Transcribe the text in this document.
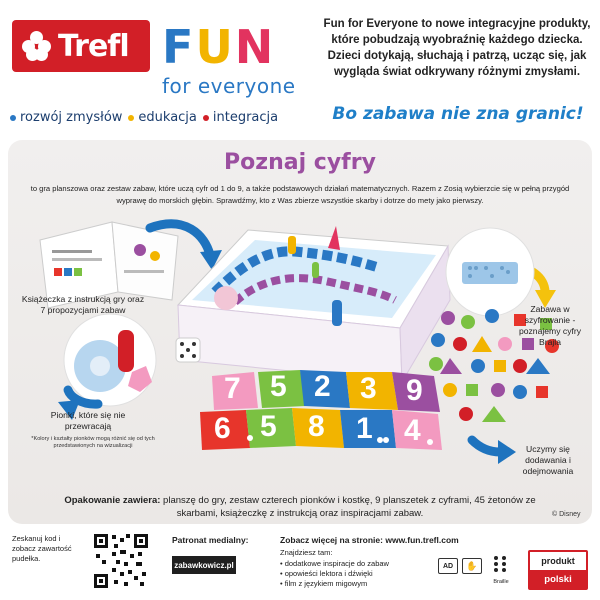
Trefl F U N
for everyone
Fun for Everyone to nowe integracyjne produkty, które pobudzają wyobraźnię każdego dziecka. Dzieci dotykają, słuchają i patrzą, ucząc się, jak wygląda świat odkrywany różnymi zmysłami.
Bo zabawa nie zna granic!
rozwój zmysłów	edukacja	integracja
Poznaj cyfry
to gra planszowa oraz zestaw zabaw, które uczą cyfr od 1 do 9, a także podstawowych działań matematycznych. Razem z Zosią wybierzcie się w pełną przygód wyprawę do morskich głębin. Sprawdźmy, kto z Was zbierze wszystkie skarby i dotrze do mety jako pierwszy.
7 5 2 3 9
6 5 8 1 4
Książeczka z instrukcją gry oraz 7 propozycjami zabaw	Zabawa w szyfrowanie - poznajemy cyfry Brajla
Pionki, które się nie przewracają
*Kolory i kształty pionków mogą różnić się od tych przedstawionych na wizualizacji	Uczymy się dodawania i odejmowania
Opakowanie zawiera: planszę do gry, zestaw czterech pionków i kostkę, 9 planszetek z cyframi, 45 żetonów ze skarbami, książeczkę z instrukcją oraz inspiracjami zabaw.	© Disney
Zeskanuj kod i zobacz zawartość pudełka.
Patronat medialny:
zabawkowicz.pl
Zobacz więcej na stronie: www.fun.trefl.com
Znajdziesz tam:
• dodatkowe inspiracje do zabaw
• opowieści lektora i dźwięki
• film z językiem migowym
AD	✋
Braille
produkt
polski
